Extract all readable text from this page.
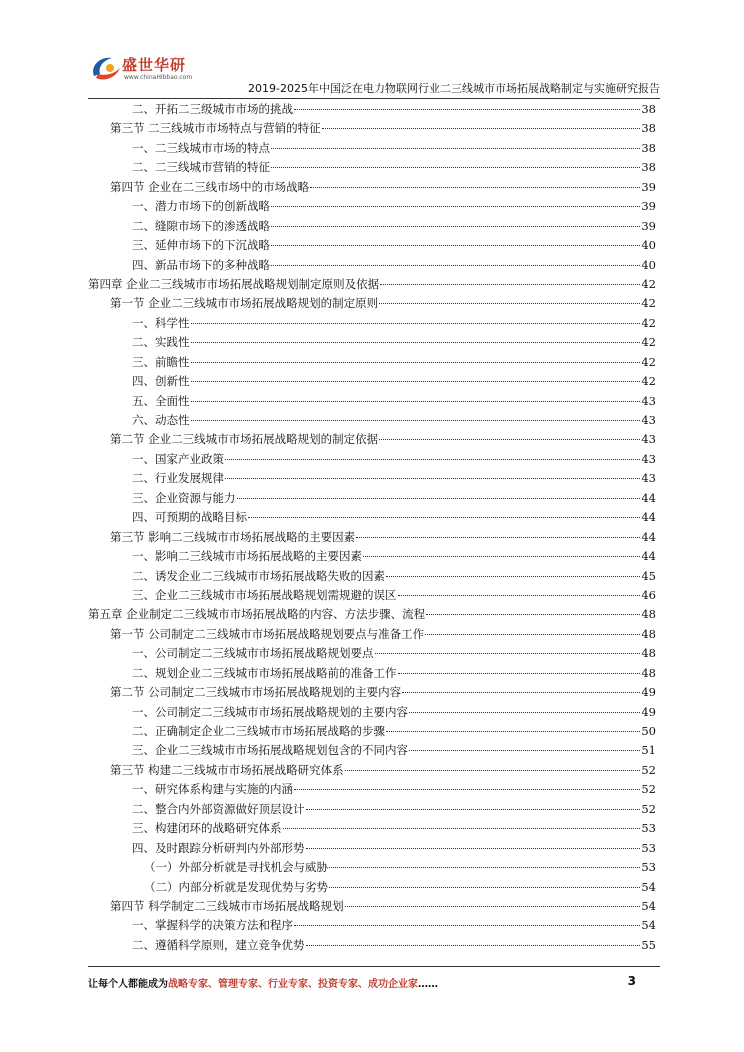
盛世华研
www.chinaHIbbao.com
2019-2025年中国泛在电力物联网行业二三线城市市场拓展战略制定与实施研究报告
二、开拓二三级城市市场的挑战	38
第三节 二三线城市市场特点与营销的特征	38
一、二三线城市市场的特点	38
二、二三线城市营销的特征	38
第四节 企业在二三线市场中的市场战略	39
一、潜力市场下的创新战略	39
二、缝隙市场下的渗透战略	39
三、延伸市场下的下沉战略	40
四、新品市场下的多种战略	40
第四章 企业二三线城市市场拓展战略规划制定原则及依据	42
第一节 企业二三线城市市场拓展战略规划的制定原则	42
一、科学性	42
二、实践性	42
三、前瞻性	42
四、创新性	42
五、全面性	43
六、动态性	43
第二节 企业二三线城市市场拓展战略规划的制定依据	43
一、国家产业政策	43
二、行业发展规律	43
三、企业资源与能力	44
四、可预期的战略目标	44
第三节 影响二三线城市市场拓展战略的主要因素	44
一、影响二三线城市市场拓展战略的主要因素	44
二、诱发企业二三线城市市场拓展战略失败的因素	45
三、企业二三线城市市场拓展战略规划需规避的误区	46
第五章 企业制定二三线城市市场拓展战略的内容、方法步骤、流程	48
第一节 公司制定二三线城市市场拓展战略规划要点与准备工作	48
一、公司制定二三线城市市场拓展战略规划要点	48
二、规划企业二三线城市市场拓展战略前的准备工作	48
第二节 公司制定二三线城市市场拓展战略规划的主要内容	49
一、公司制定二三线城市市场拓展战略规划的主要内容	49
二、正确制定企业二三线城市市场拓展战略的步骤	50
三、企业二三线城市市场拓展战略规划包含的不同内容	51
第三节 构建二三线城市市场拓展战略研究体系	52
一、研究体系构建与实施的内涵	52
二、整合内外部资源做好顶层设计	52
三、构建闭环的战略研究体系	53
四、及时跟踪分析研判内外部形势	53
（一）外部分析就是寻找机会与威胁	53
（二）内部分析就是发现优势与劣势	54
第四节 科学制定二三线城市市场拓展战略规划	54
一、掌握科学的决策方法和程序	54
二、遵循科学原则，建立竞争优势	55
让每个人都能成为战略专家、管理专家、行业专家、投资专家、成功企业家……	3
